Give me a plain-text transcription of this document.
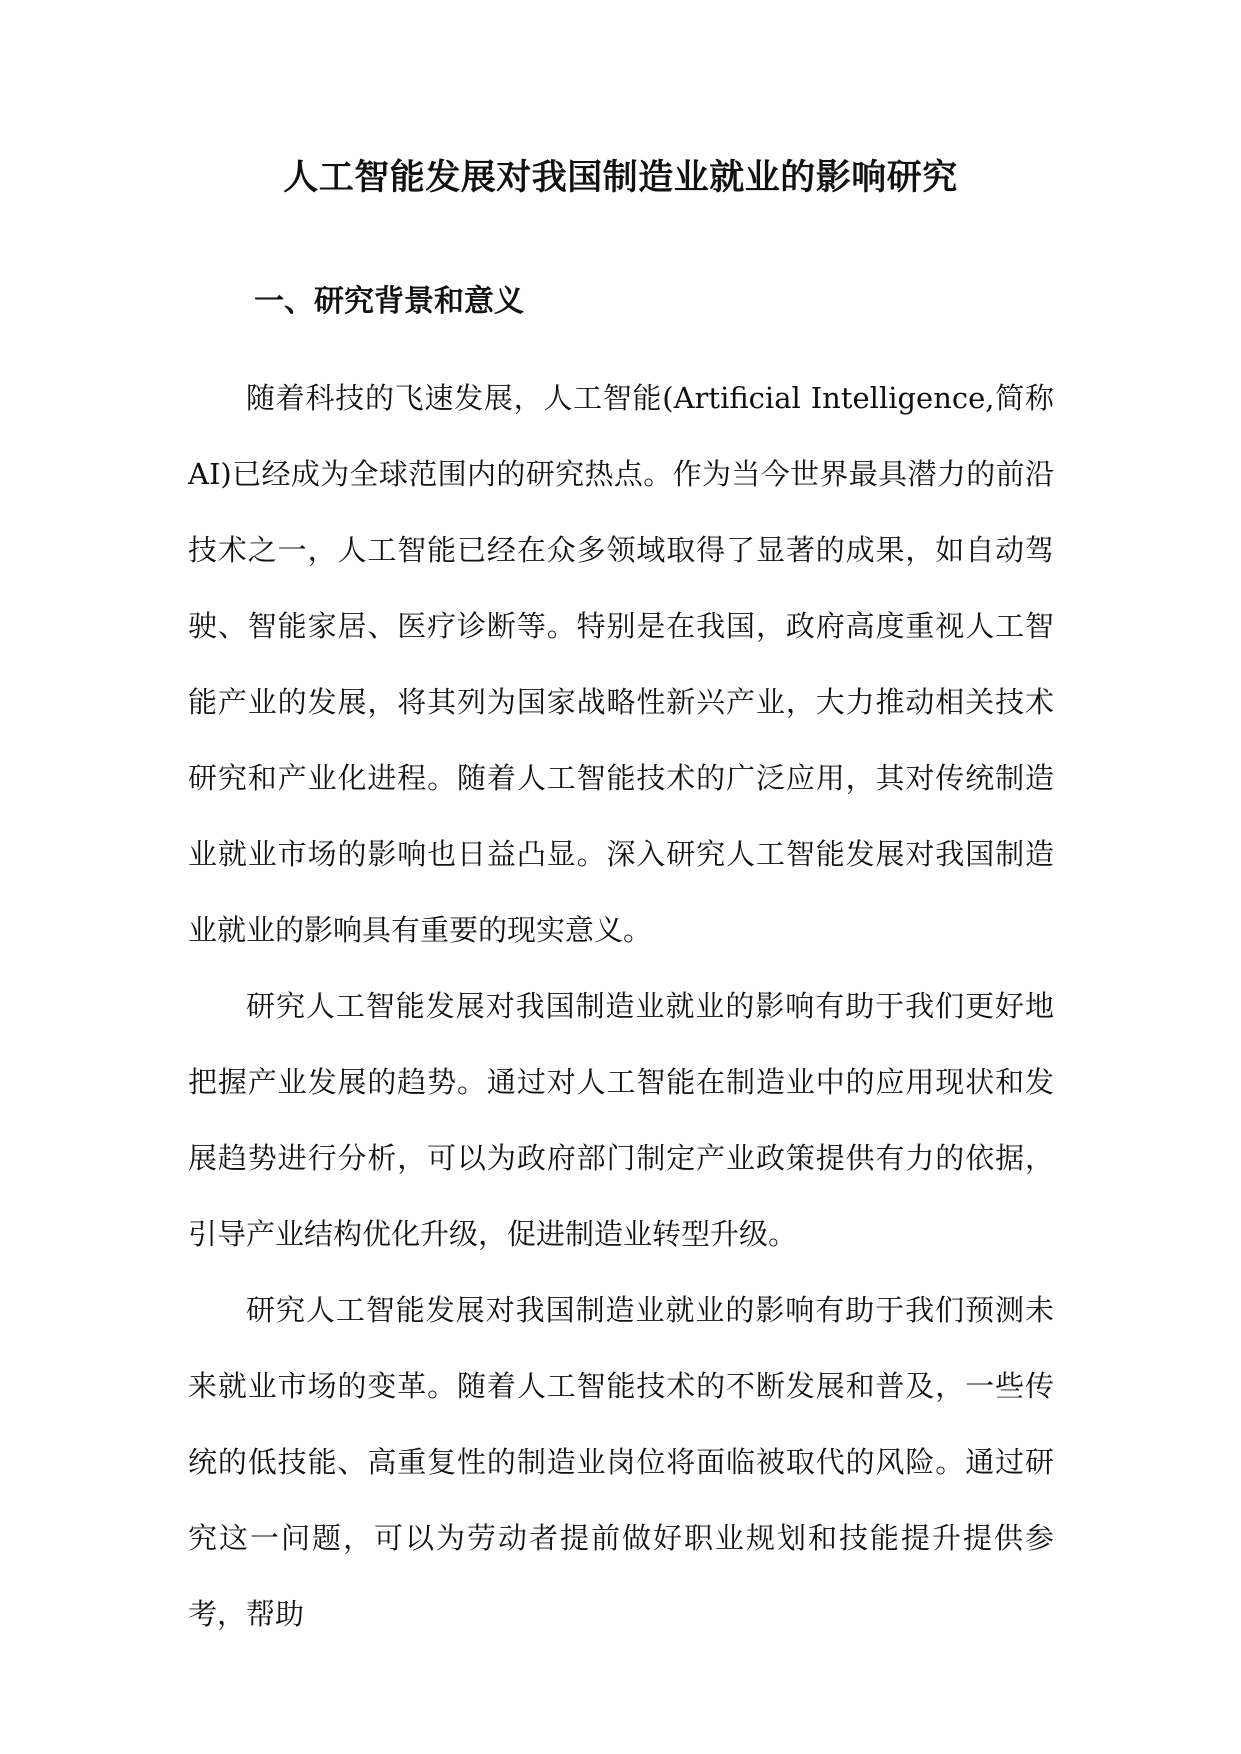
人工智能发展对我国制造业就业的影响研究
一、研究背景和意义

随着科技的飞速发展，人工智能(Artificial Intelligence,简称AI)已经成为全球范围内的研究热点。作为当今世界最具潜力的前沿技术之一，人工智能已经在众多领域取得了显著的成果，如自动驾驶、智能家居、医疗诊断等。特别是在我国，政府高度重视人工智能产业的发展，将其列为国家战略性新兴产业，大力推动相关技术研究和产业化进程。随着人工智能技术的广泛应用，其对传统制造业就业市场的影响也日益凸显。深入研究人工智能发展对我国制造业就业的影响具有重要的现实意义。

研究人工智能发展对我国制造业就业的影响有助于我们更好地把握产业发展的趋势。通过对人工智能在制造业中的应用现状和发展趋势进行分析，可以为政府部门制定产业政策提供有力的依据，引导产业结构优化升级，促进制造业转型升级。

研究人工智能发展对我国制造业就业的影响有助于我们预测未来就业市场的变革。随着人工智能技术的不断发展和普及，一些传统的低技能、高重复性的制造业岗位将面临被取代的风险。通过研究这一问题，可以为劳动者提前做好职业规划和技能提升提供参考，帮助
